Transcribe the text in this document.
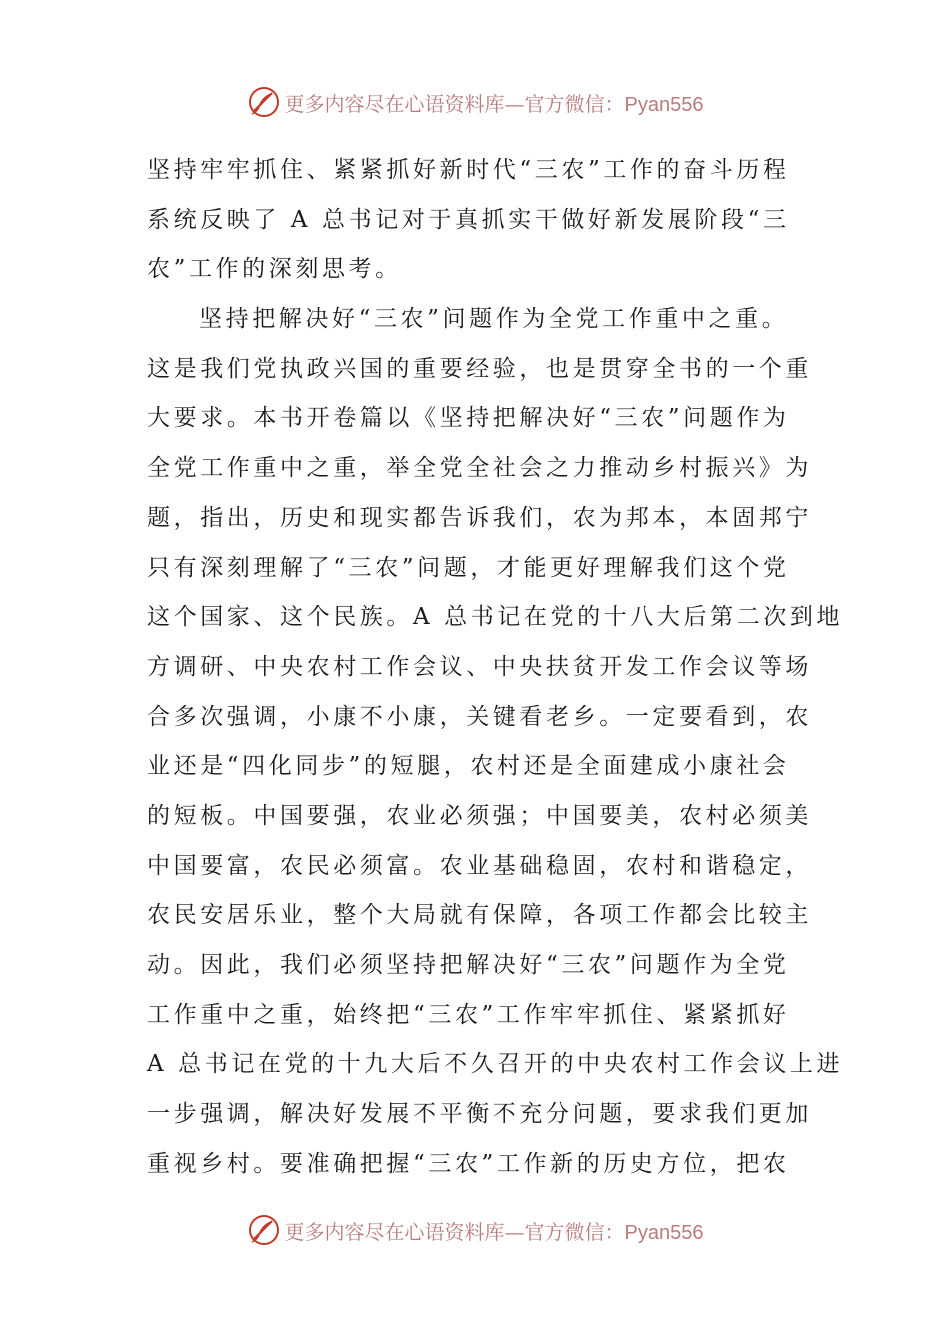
更多内容尽在心语资料库—官方微信：Pyan556
坚持牢牢抓住、紧紧抓好新时代“三农”工作的奋斗历程
系统反映了 A 总书记对于真抓实干做好新发展阶段“三
农”工作的深刻思考。
坚持把解决好“三农”问题作为全党工作重中之重。
这是我们党执政兴国的重要经验，也是贯穿全书的一个重
大要求。本书开卷篇以《坚持把解决好“三农”问题作为
全党工作重中之重，举全党全社会之力推动乡村振兴》为
题，指出，历史和现实都告诉我们，农为邦本，本固邦宁
只有深刻理解了“三农”问题，才能更好理解我们这个党
这个国家、这个民族。A 总书记在党的十八大后第二次到地
方调研、中央农村工作会议、中央扶贫开发工作会议等场
合多次强调，小康不小康，关键看老乡。一定要看到，农
业还是“四化同步”的短腿，农村还是全面建成小康社会
的短板。中国要强，农业必须强；中国要美，农村必须美
中国要富，农民必须富。农业基础稳固，农村和谐稳定，
农民安居乐业，整个大局就有保障，各项工作都会比较主
动。因此，我们必须坚持把解决好“三农”问题作为全党
工作重中之重，始终把“三农”工作牢牢抓住、紧紧抓好
A 总书记在党的十九大后不久召开的中央农村工作会议上进
一步强调，解决好发展不平衡不充分问题，要求我们更加
重视乡村。要准确把握“三农”工作新的历史方位，把农
更多内容尽在心语资料库—官方微信：Pyan556
